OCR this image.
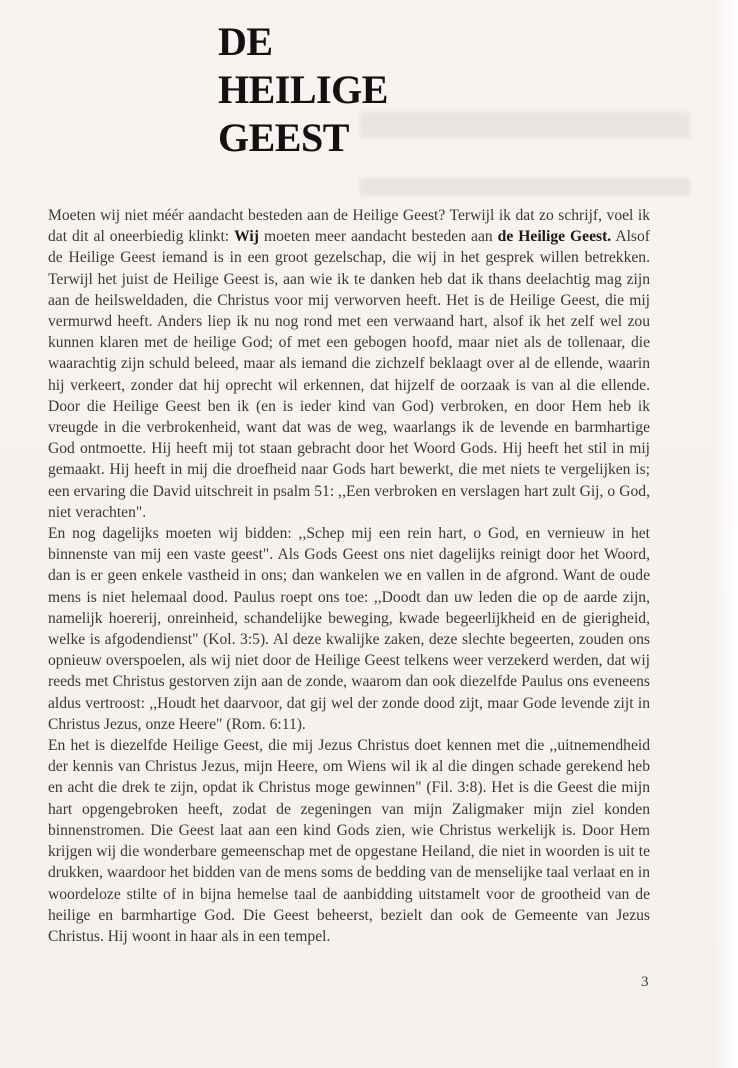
DE
HEILIGE
GEEST

Moeten wij niet méér aandacht besteden aan de Heilige Geest? Terwijl ik dat zo schrijf, voel ik dat dit al oneerbiedig klinkt: Wij moeten meer aandacht besteden aan de Heilige Geest. Alsof de Heilige Geest iemand is in een groot gezelschap, die wij in het gesprek willen betrekken. Terwijl het juist de Heilige Geest is, aan wie ik te danken heb dat ik thans deelachtig mag zijn aan de heilsweldaden, die Christus voor mij verworven heeft. Het is de Heilige Geest, die mij vermurwd heeft. Anders liep ik nu nog rond met een verwaand hart, alsof ik het zelf wel zou kunnen klaren met de heilige God; of met een gebogen hoofd, maar niet als de tollenaar, die waarachtig zijn schuld beleed, maar als iemand die zichzelf beklaagt over al de ellende, waarin hij verkeert, zonder dat hij oprecht wil erkennen, dat hijzelf de oorzaak is van al die ellende. Door die Heilige Geest ben ik (en is ieder kind van God) verbroken, en door Hem heb ik vreugde in die verbrokenheid, want dat was de weg, waarlangs ik de levende en barmhartige God ontmoette. Hij heeft mij tot staan gebracht door het Woord Gods. Hij heeft het stil in mij gemaakt. Hij heeft in mij die droefheid naar Gods hart bewerkt, die met niets te vergelijken is; een ervaring die David uitschreit in psalm 51: ,,Een verbroken en verslagen hart zult Gij, o God, niet verachten".

En nog dagelijks moeten wij bidden: ,,Schep mij een rein hart, o God, en vernieuw in het binnenste van mij een vaste geest". Als Gods Geest ons niet dagelijks reinigt door het Woord, dan is er geen enkele vastheid in ons; dan wankelen we en vallen in de afgrond. Want de oude mens is niet helemaal dood. Paulus roept ons toe: ,,Doodt dan uw leden die op de aarde zijn, namelijk hoererij, onreinheid, schandelijke beweging, kwade begeerlijkheid en de gierigheid, welke is afgodendienst" (Kol. 3:5). Al deze kwalijke zaken, deze slechte begeerten, zouden ons opnieuw overspoelen, als wij niet door de Heilige Geest telkens weer verzekerd werden, dat wij reeds met Christus gestorven zijn aan de zonde, waarom dan ook diezelfde Paulus ons eveneens aldus vertroost: ,,Houdt het daarvoor, dat gij wel der zonde dood zijt, maar Gode levende zijt in Christus Jezus, onze Heere" (Rom. 6:11).

En het is diezelfde Heilige Geest, die mij Jezus Christus doet kennen met die ,,uitnemendheid der kennis van Christus Jezus, mijn Heere, om Wiens wil ik al die dingen schade gerekend heb en acht die drek te zijn, opdat ik Christus moge gewinnen" (Fil. 3:8). Het is die Geest die mijn hart opgengebroken heeft, zodat de zegeningen van mijn Zaligmaker mijn ziel konden binnenstromen. Die Geest laat aan een kind Gods zien, wie Christus werkelijk is. Door Hem krijgen wij die wonderbare gemeenschap met de opgestane Heiland, die niet in woorden is uit te drukken, waardoor het bidden van de mens soms de bedding van de menselijke taal verlaat en in woordeloze stilte of in bijna hemelse taal de aanbidding uitstamelt voor de grootheid van de heilige en barmhartige God. Die Geest beheerst, bezielt dan ook de Gemeente van Jezus Christus. Hij woont in haar als in een tempel.

3
